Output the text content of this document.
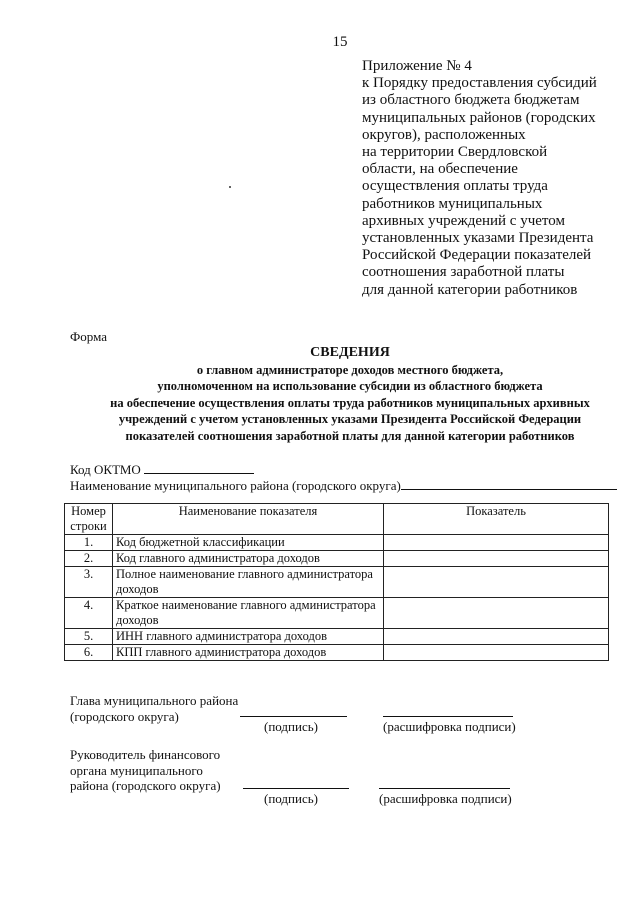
15
Приложение № 4
к Порядку предоставления субсидий
из областного бюджета бюджетам
муниципальных районов (городских
округов), расположенных
на территории Свердловской
области, на обеспечение
осуществления оплаты труда
работников муниципальных
архивных учреждений с учетом
установленных указами Президента
Российской Федерации показателей
соотношения заработной платы
для данной категории работников
Форма
СВЕДЕНИЯ
о главном администраторе доходов местного бюджета,
уполномоченном на использование субсидии из областного бюджета
на обеспечение осуществления оплаты труда работников муниципальных архивных
учреждений с учетом установленных указами Президента Российской Федерации
показателей соотношения заработной платы для данной категории работников
Код ОКТМО
Наименование муниципального района (городского округа)
Номер строки	Наименование показателя	Показатель
1.	Код бюджетной классификации	
2.	Код главного администратора доходов	
3.	Полное наименование главного администратора доходов	
4.	Краткое наименование главного администратора доходов	
5.	ИНН главного администратора доходов	
6.	КПП главного администратора доходов	
Глава муниципального района
(городского округа)
(подпись)	(расшифровка подписи)
Руководитель финансового
органа муниципального
района (городского округа)
(подпись)	(расшифровка подписи)
